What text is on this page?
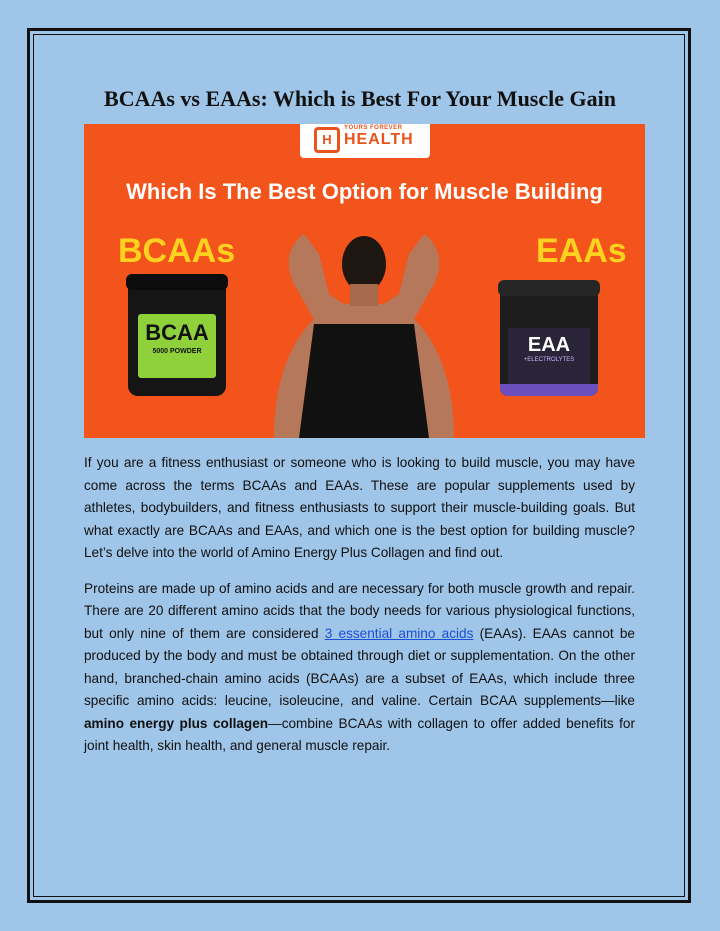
BCAAs vs EAAs: Which is Best For Your Muscle Gain
H
YOURS FOREVER
HEALTH
Which Is The Best Option for Muscle Building
BCAAs	EAAs
BCAA
5000 POWDER	EAA
+ELECTROLYTES

If you are a fitness enthusiast or someone who is looking to build muscle, you may have come across the terms BCAAs and EAAs. These are popular supplements used by athletes, bodybuilders, and fitness enthusiasts to support their muscle-building goals. But what exactly are BCAAs and EAAs, and which one is the best option for building muscle? Let’s delve into the world of Amino Energy Plus Collagen and find out.

Proteins are made up of amino acids and are necessary for both muscle growth and repair. There are 20 different amino acids that the body needs for various physiological functions, but only nine of them are considered 3 essential amino acids (EAAs). EAAs cannot be produced by the body and must be obtained through diet or supplementation. On the other hand, branched-chain amino acids (BCAAs) are a subset of EAAs, which include three specific amino acids: leucine, isoleucine, and valine. Certain BCAA supplements—like amino energy plus collagen—combine BCAAs with collagen to offer added benefits for joint health, skin health, and general muscle repair.
